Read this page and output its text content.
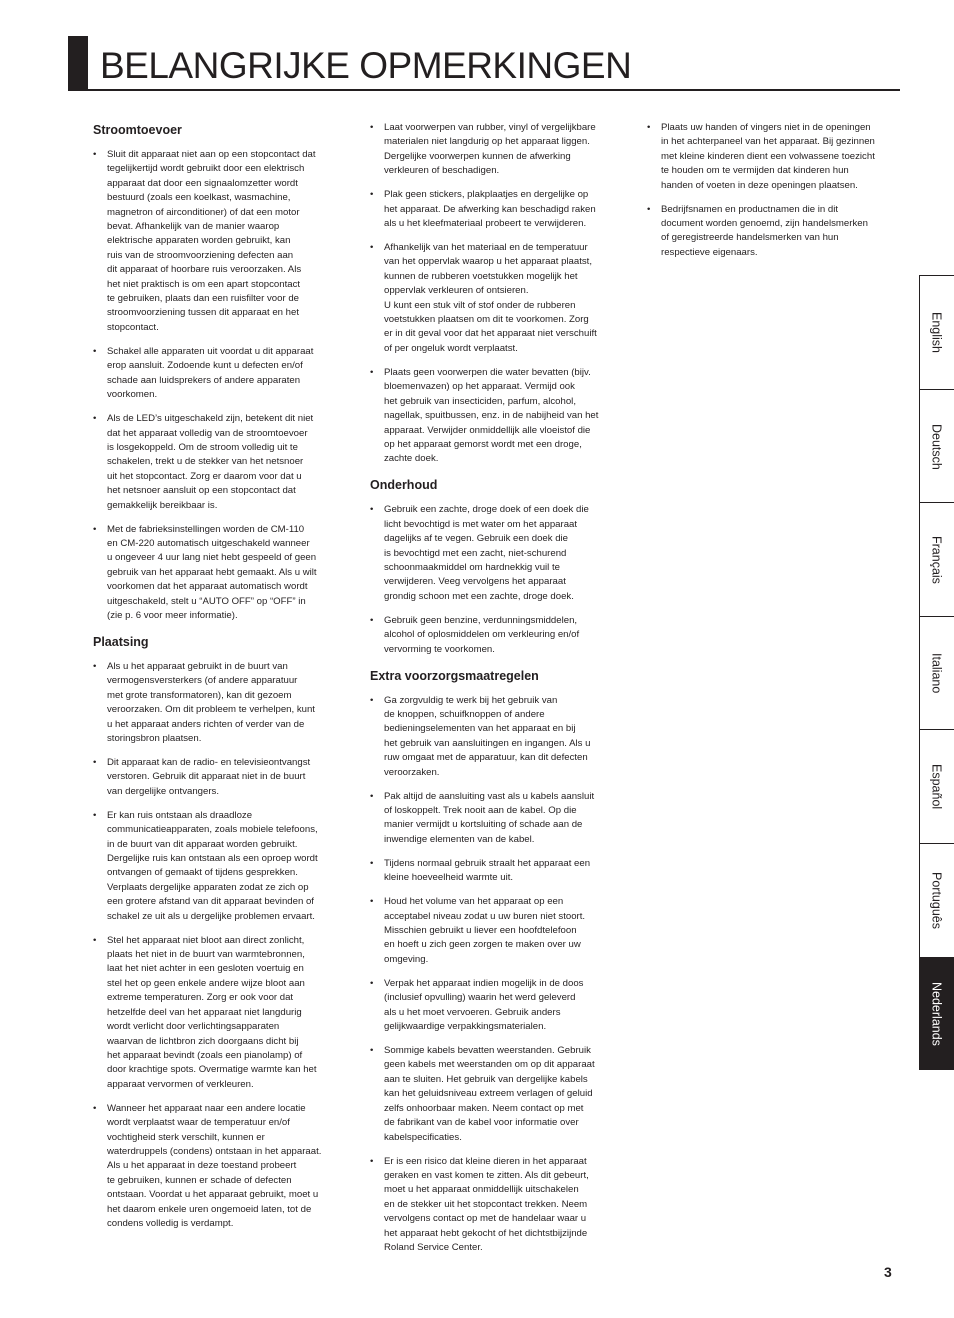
BELANGRIJKE OPMERKINGEN
Stroomtoevoer
• Sluit dit apparaat niet aan op een stopcontact dat
tegelijkertijd wordt gebruikt door een elektrisch
apparaat dat door een signaalomzetter wordt
bestuurd (zoals een koelkast, wasmachine,
magnetron of airconditioner) of dat een motor
bevat. Afhankelijk van de manier waarop
elektrische apparaten worden gebruikt, kan
ruis van de stroomvoorziening defecten aan
dit apparaat of hoorbare ruis veroorzaken. Als
het niet praktisch is om een apart stopcontact
te gebruiken, plaats dan een ruisfilter voor de
stroomvoorziening tussen dit apparaat en het
stopcontact.
• Schakel alle apparaten uit voordat u dit apparaat
erop aansluit. Zodoende kunt u defecten en/of
schade aan luidsprekers of andere apparaten
voorkomen.
• Als de LED’s uitgeschakeld zijn, betekent dit niet
dat het apparaat volledig van de stroomtoevoer
is losgekoppeld. Om de stroom volledig uit te
schakelen, trekt u de stekker van het netsnoer
uit het stopcontact. Zorg er daarom voor dat u
het netsnoer aansluit op een stopcontact dat
gemakkelijk bereikbaar is.
• Met de fabrieksinstellingen worden de CM-110
en CM-220 automatisch uitgeschakeld wanneer
u ongeveer 4 uur lang niet hebt gespeeld of geen
gebruik van het apparaat hebt gemaakt. Als u wilt
voorkomen dat het apparaat automatisch wordt
uitgeschakeld, stelt u “AUTO OFF” op “OFF” in
(zie p. 6 voor meer informatie).
Plaatsing
• Als u het apparaat gebruikt in de buurt van
vermogensversterkers (of andere apparatuur
met grote transformatoren), kan dit gezoem
veroorzaken. Om dit probleem te verhelpen, kunt
u het apparaat anders richten of verder van de
storingsbron plaatsen.
• Dit apparaat kan de radio- en televisieontvangst
verstoren. Gebruik dit apparaat niet in de buurt
van dergelijke ontvangers.
• Er kan ruis ontstaan als draadloze
communicatieapparaten, zoals mobiele telefoons,
in de buurt van dit apparaat worden gebruikt.
Dergelijke ruis kan ontstaan als een oproep wordt
ontvangen of gemaakt of tijdens gesprekken.
Verplaats dergelijke apparaten zodat ze zich op
een grotere afstand van dit apparaat bevinden of
schakel ze uit als u dergelijke problemen ervaart.
• Stel het apparaat niet bloot aan direct zonlicht,
plaats het niet in de buurt van warmtebronnen,
laat het niet achter in een gesloten voertuig en
stel het op geen enkele andere wijze bloot aan
extreme temperaturen. Zorg er ook voor dat
hetzelfde deel van het apparaat niet langdurig
wordt verlicht door verlichtingsapparaten
waarvan de lichtbron zich doorgaans dicht bij
het apparaat bevindt (zoals een pianolamp) of
door krachtige spots. Overmatige warmte kan het
apparaat vervormen of verkleuren.
• Wanneer het apparaat naar een andere locatie
wordt verplaatst waar de temperatuur en/of
vochtigheid sterk verschilt, kunnen er
waterdruppels (condens) ontstaan in het apparaat.
Als u het apparaat in deze toestand probeert
te gebruiken, kunnen er schade of defecten
ontstaan. Voordat u het apparaat gebruikt, moet u
het daarom enkele uren ongemoeid laten, tot de
condens volledig is verdampt.
• Laat voorwerpen van rubber, vinyl of vergelijkbare
materialen niet langdurig op het apparaat liggen.
Dergelijke voorwerpen kunnen de afwerking
verkleuren of beschadigen.
• Plak geen stickers, plakplaatjes en dergelijke op
het apparaat. De afwerking kan beschadigd raken
als u het kleefmateriaal probeert te verwijderen.
• Afhankelijk van het materiaal en de temperatuur
van het oppervlak waarop u het apparaat plaatst,
kunnen de rubberen voetstukken mogelijk het
oppervlak verkleuren of ontsieren.
U kunt een stuk vilt of stof onder de rubberen
voetstukken plaatsen om dit te voorkomen. Zorg
er in dit geval voor dat het apparaat niet verschuift
of per ongeluk wordt verplaatst.
• Plaats geen voorwerpen die water bevatten (bijv.
bloemenvazen) op het apparaat. Vermijd ook
het gebruik van insecticiden, parfum, alcohol,
nagellak, spuitbussen, enz. in de nabijheid van het
apparaat. Verwijder onmiddellijk alle vloeistof die
op het apparaat gemorst wordt met een droge,
zachte doek.
Onderhoud
• Gebruik een zachte, droge doek of een doek die
licht bevochtigd is met water om het apparaat
dagelijks af te vegen. Gebruik een doek die
is bevochtigd met een zacht, niet-schurend
schoonmaakmiddel om hardnekkig vuil te
verwijderen. Veeg vervolgens het apparaat
grondig schoon met een zachte, droge doek.
• Gebruik geen benzine, verdunningsmiddelen,
alcohol of oplosmiddelen om verkleuring en/of
vervorming te voorkomen.
Extra voorzorgsmaatregelen
• Ga zorgvuldig te werk bij het gebruik van
de knoppen, schuifknoppen of andere
bedieningselementen van het apparaat en bij
het gebruik van aansluitingen en ingangen. Als u
ruw omgaat met de apparatuur, kan dit defecten
veroorzaken.
• Pak altijd de aansluiting vast als u kabels aansluit
of loskoppelt. Trek nooit aan de kabel. Op die
manier vermijdt u kortsluiting of schade aan de
inwendige elementen van de kabel.
• Tijdens normaal gebruik straalt het apparaat een
kleine hoeveelheid warmte uit.
• Houd het volume van het apparaat op een
acceptabel niveau zodat u uw buren niet stoort.
Misschien gebruikt u liever een hoofdtelefoon
en hoeft u zich geen zorgen te maken over uw
omgeving.
• Verpak het apparaat indien mogelijk in de doos
(inclusief opvulling) waarin het werd geleverd
als u het moet vervoeren. Gebruik anders
gelijkwaardige verpakkingsmaterialen.
• Sommige kabels bevatten weerstanden. Gebruik
geen kabels met weerstanden om op dit apparaat
aan te sluiten. Het gebruik van dergelijke kabels
kan het geluidsniveau extreem verlagen of geluid
zelfs onhoorbaar maken. Neem contact op met
de fabrikant van de kabel voor informatie over
kabelspecificaties.
• Er is een risico dat kleine dieren in het apparaat
geraken en vast komen te zitten. Als dit gebeurt,
moet u het apparaat onmiddellijk uitschakelen
en de stekker uit het stopcontact trekken. Neem
vervolgens contact op met de handelaar waar u
het apparaat hebt gekocht of het dichtstbijzijnde
Roland Service Center.
• Plaats uw handen of vingers niet in de openingen
in het achterpaneel van het apparaat. Bij gezinnen
met kleine kinderen dient een volwassene toezicht
te houden om te vermijden dat kinderen hun
handen of voeten in deze openingen plaatsen.
• Bedrijfsnamen en productnamen die in dit
document worden genoemd, zijn handelsmerken
of geregistreerde handelsmerken van hun
respectieve eigenaars.
English
Deutsch
Français
Italiano
Español
Português
Nederlands
3
